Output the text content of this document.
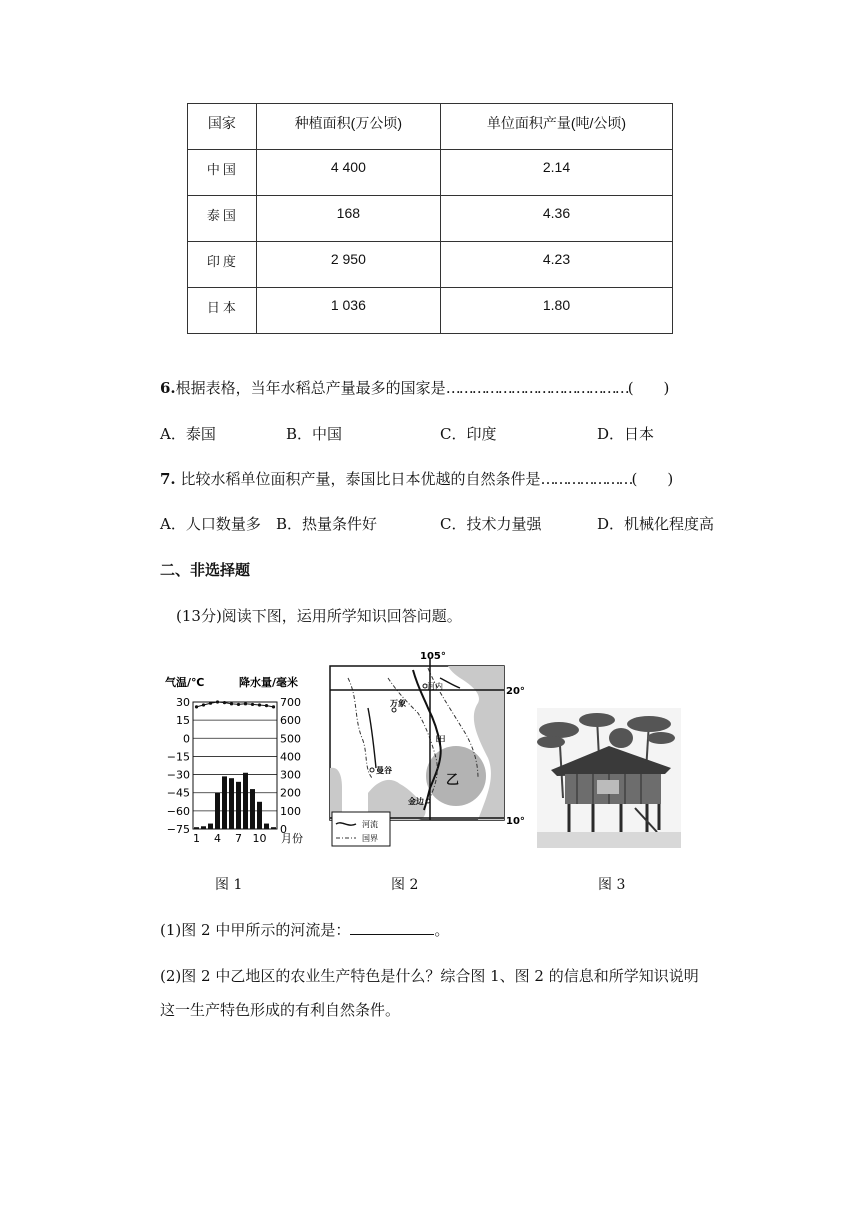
国家	种植面积(万公顷)	单位面积产量(吨/公顷)

中国	4 400	2.14

泰国	168	4.36

印度	2 950	4.23

日本	1 036	1.80
6.根据表格，当年水稻总产量最多的国家是……………………………………(　　)
A．泰国	B．中国	C．印度	D．日本
7. 比较水稻单位面积产量，泰国比日本优越的自然条件是…………………(　　)
A．人口数量多 B．热量条件好	C．技术力量强	D．机械化程度高
二、非选择题
(13分)阅读下图，运用所学知识回答问题。
气温/℃	降水量/毫米
30
15
0
−15
−30
−45
−60
−75
700
600
500
400
300
200
100
0
1 4 7 10 月份
105°
20°
10°
河内
万象
曼谷
金边
甲
乙
河流
国界
图 1	图 2	图 3
(1)图 2 中甲所示的河流是：	。
(2)图 2 中乙地区的农业生产特色是什么？综合图 1、图 2 的信息和所学知识说明
这一生产特色形成的有利自然条件。
